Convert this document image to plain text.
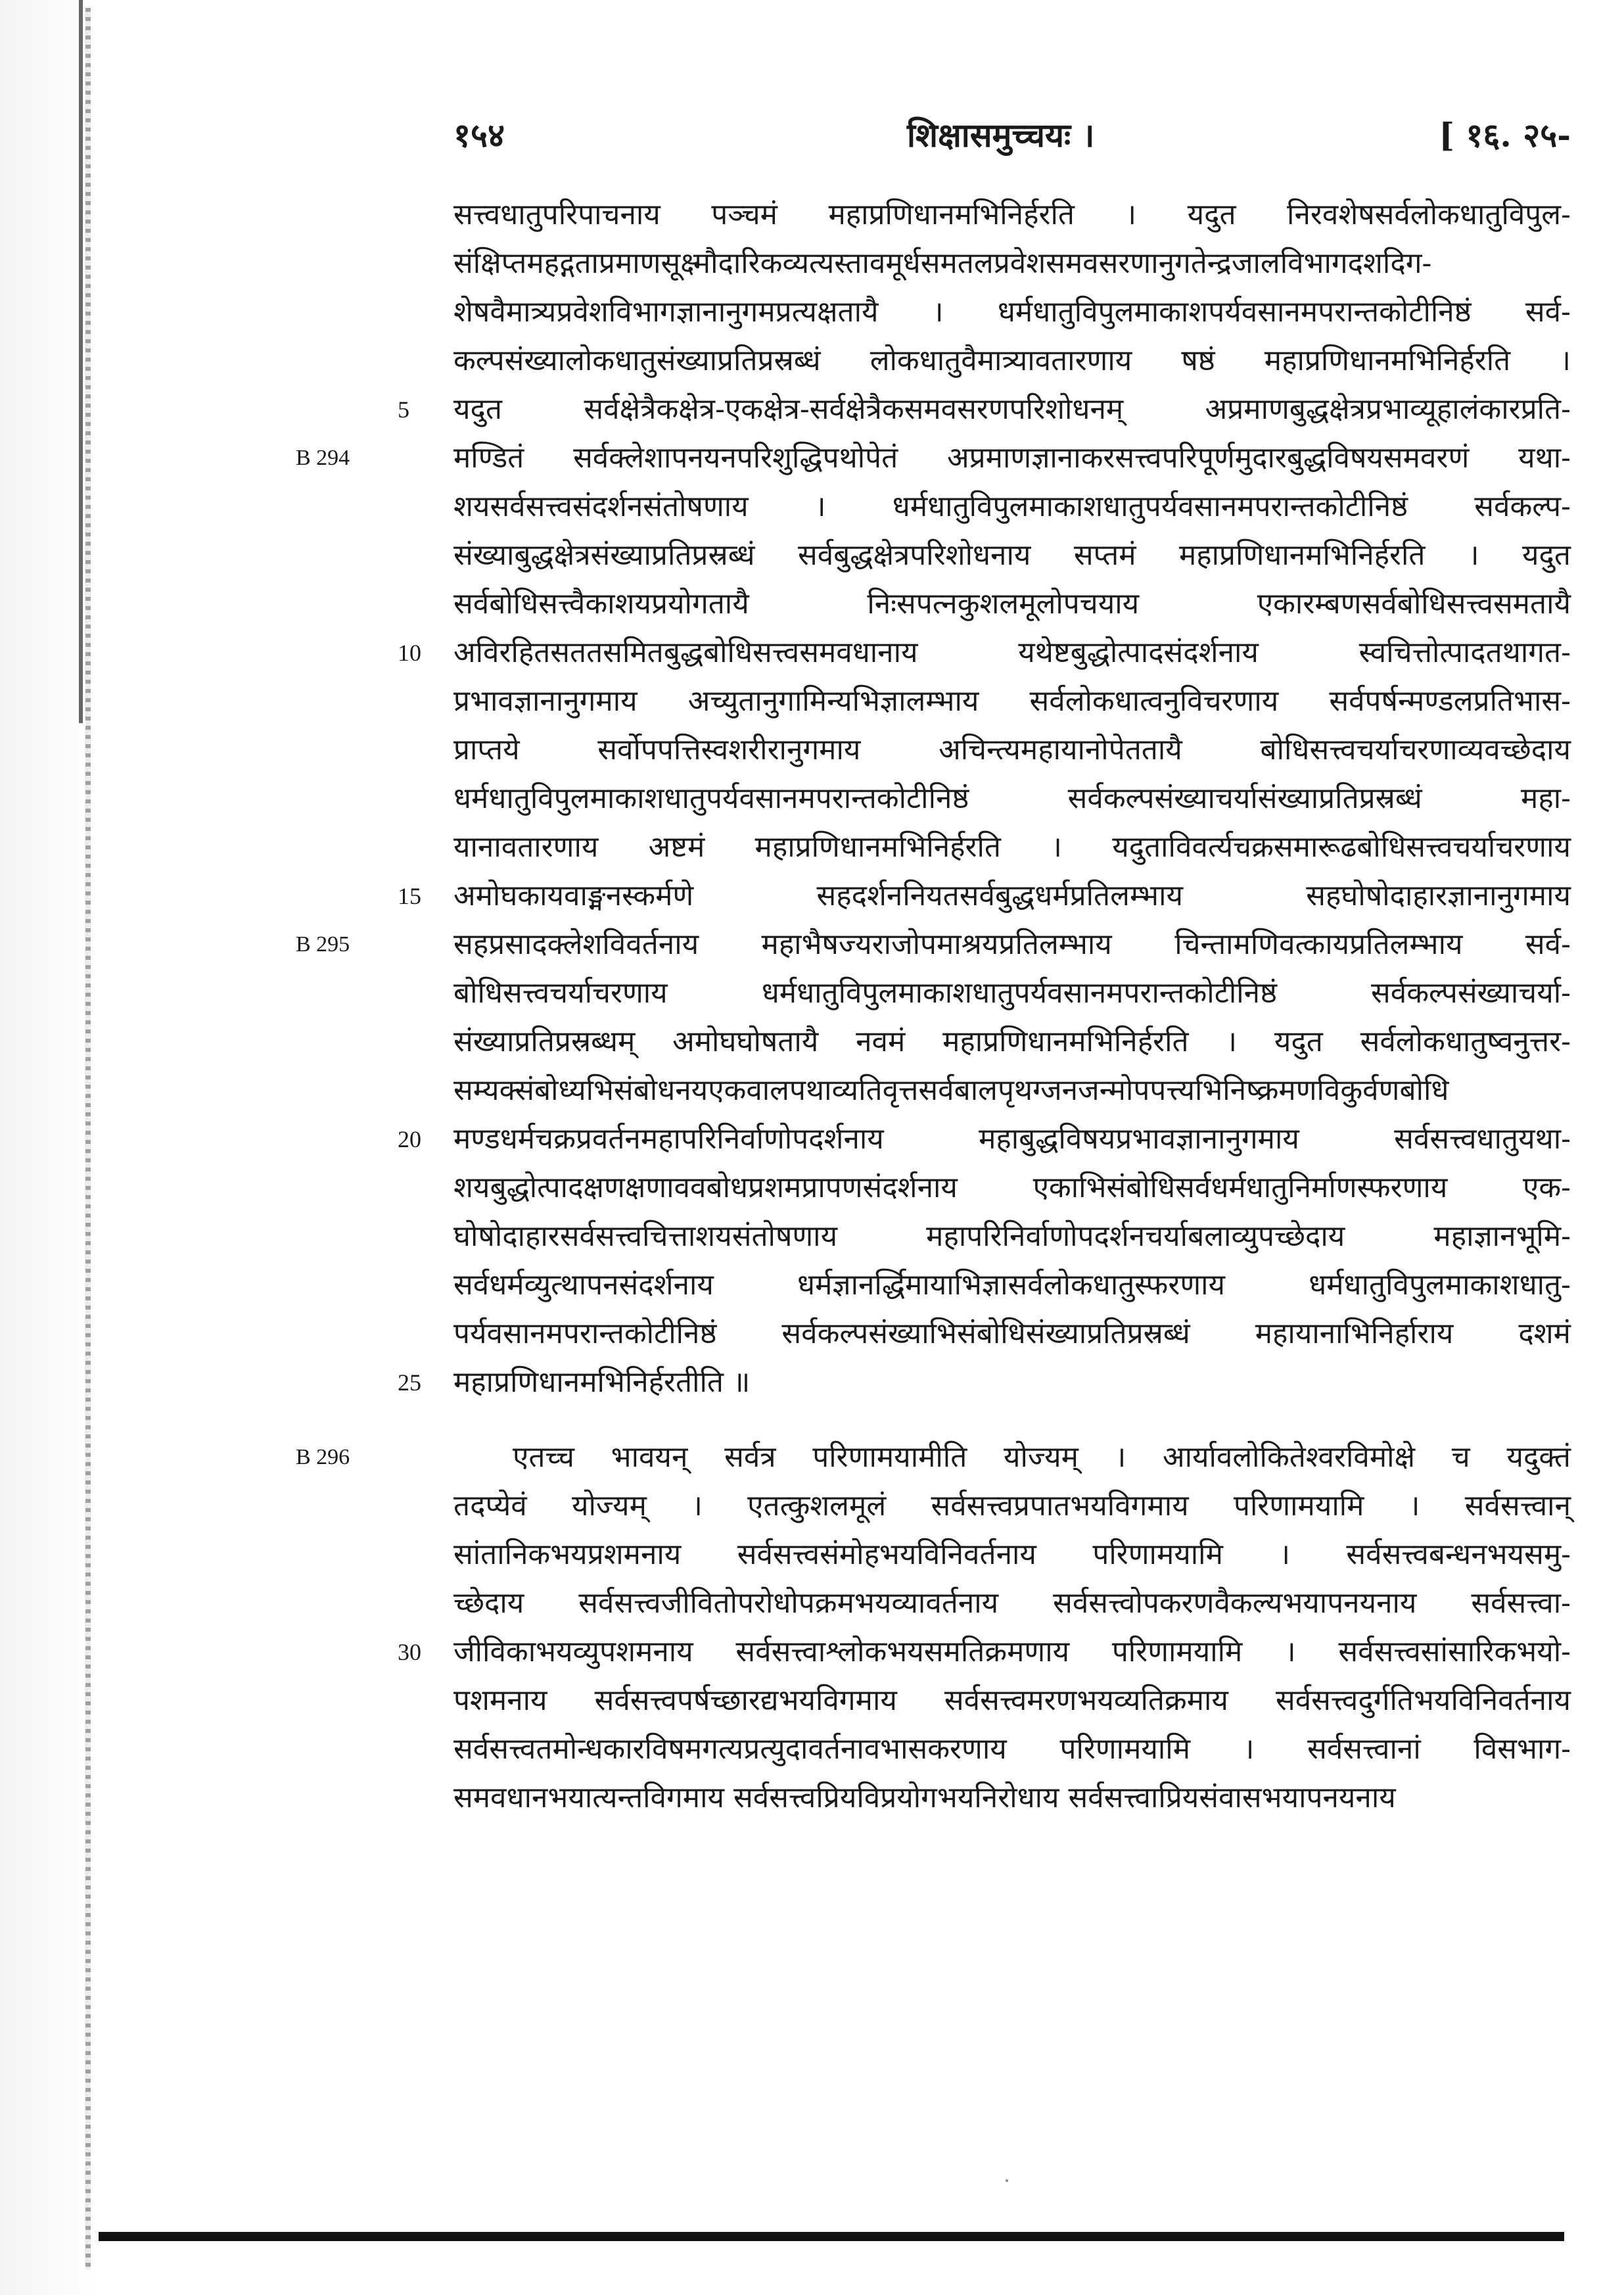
१५४	शिक्षासमुच्चयः ।	[ १६. २५-
सत्त्वधातुपरिपाचनाय पञ्चमं महाप्रणिधानमभिनिर्हरति । यदुत निरवशेषसर्वलोकधातुविपुल-
संक्षिप्तमहद्गताप्रमाणसूक्ष्मौदारिकव्यत्यस्तावमूर्धसमतलप्रवेशसमवसरणानुगतेन्द्रजालविभागदशदिग-
शेषवैमात्र्यप्रवेशविभागज्ञानानुगमप्रत्यक्षतायै । धर्मधातुविपुलमाकाशपर्यवसानमपरान्तकोटीनिष्ठं सर्व-
कल्पसंख्यालोकधातुसंख्याप्रतिप्रस्रब्धं लोकधातुवैमात्र्यावतारणाय षष्ठं महाप्रणिधानमभिनिर्हरति ।
5	यदुत सर्वक्षेत्रैकक्षेत्र-एकक्षेत्र-सर्वक्षेत्रैकसमवसरणपरिशोधनम् अप्रमाणबुद्धक्षेत्रप्रभाव्यूहालंकारप्रति-
B 294	मण्डितं सर्वक्लेशापनयनपरिशुद्धिपथोपेतं अप्रमाणज्ञानाकरसत्त्वपरिपूर्णमुदारबुद्धविषयसमवरणं यथा-
शयसर्वसत्त्वसंदर्शनसंतोषणाय । धर्मधातुविपुलमाकाशधातुपर्यवसानमपरान्तकोटीनिष्ठं सर्वकल्प-
संख्याबुद्धक्षेत्रसंख्याप्रतिप्रस्रब्धं सर्वबुद्धक्षेत्रपरिशोधनाय सप्तमं महाप्रणिधानमभिनिर्हरति । यदुत
सर्वबोधिसत्त्वैकाशयप्रयोगतायै निःसपत्नकुशलमूलोपचयाय एकारम्बणसर्वबोधिसत्त्वसमतायै
10	अविरहितसततसमितबुद्धबोधिसत्त्वसमवधानाय यथेष्टबुद्धोत्पादसंदर्शनाय स्वचित्तोत्पादतथागत-
प्रभावज्ञानानुगमाय अच्युतानुगामिन्यभिज्ञालम्भाय सर्वलोकधात्वनुविचरणाय सर्वपर्षन्मण्डलप्रतिभास-
प्राप्तये सर्वोपपत्तिस्वशरीरानुगमाय अचिन्त्यमहायानोपेततायै बोधिसत्त्वचर्याचरणाव्यवच्छेदाय
धर्मधातुविपुलमाकाशधातुपर्यवसानमपरान्तकोटीनिष्ठं सर्वकल्पसंख्याचर्यासंख्याप्रतिप्रस्रब्धं महा-
यानावतारणाय अष्टमं महाप्रणिधानमभिनिर्हरति । यदुताविवर्त्यचक्रसमारूढबोधिसत्त्वचर्याचरणाय
15	अमोघकायवाङ्मनस्कर्मणे सहदर्शननियतसर्वबुद्धधर्मप्रतिलम्भाय सहघोषोदाहारज्ञानानुगमाय
B 295	सहप्रसादक्लेशविवर्तनाय महाभैषज्यराजोपमाश्रयप्रतिलम्भाय चिन्तामणिवत्कायप्रतिलम्भाय सर्व-
बोधिसत्त्वचर्याचरणाय धर्मधातुविपुलमाकाशधातुपर्यवसानमपरान्तकोटीनिष्ठं सर्वकल्पसंख्याचर्या-
संख्याप्रतिप्रस्रब्धम् अमोघघोषतायै नवमं महाप्रणिधानमभिनिर्हरति । यदुत सर्वलोकधातुष्वनुत्तर-
सम्यक्संबोध्यभिसंबोधनयएकवालपथाव्यतिवृत्तसर्वबालपृथग्जनजन्मोपपत्त्यभिनिष्क्रमणविकुर्वणबोधि
20	मण्डधर्मचक्रप्रवर्तनमहापरिनिर्वाणोपदर्शनाय महाबुद्धविषयप्रभावज्ञानानुगमाय सर्वसत्त्वधातुयथा-
शयबुद्धोत्पादक्षणक्षणाववबोधप्रशमप्रापणसंदर्शनाय एकाभिसंबोधिसर्वधर्मधातुनिर्माणस्फरणाय एक-
घोषोदाहारसर्वसत्त्वचित्ताशयसंतोषणाय महापरिनिर्वाणोपदर्शनचर्याबलाव्युपच्छेदाय महाज्ञानभूमि-
सर्वधर्मव्युत्थापनसंदर्शनाय धर्मज्ञानर्द्धिमायाभिज्ञासर्वलोकधातुस्फरणाय धर्मधातुविपुलमाकाशधातु-
पर्यवसानमपरान्तकोटीनिष्ठं सर्वकल्पसंख्याभिसंबोधिसंख्याप्रतिप्रस्रब्धं महायानाभिनिर्हाराय दशमं
25	महाप्रणिधानमभिनिर्हरतीति ॥
B 296	एतच्च भावयन् सर्वत्र परिणामयामीति योज्यम् । आर्यावलोकितेश्वरविमोक्षे च यदुक्तं
तदप्येवं योज्यम् । एतत्कुशलमूलं सर्वसत्त्वप्रपातभयविगमाय परिणामयामि । सर्वसत्त्वान्
सांतानिकभयप्रशमनाय सर्वसत्त्वसंमोहभयविनिवर्तनाय परिणामयामि । सर्वसत्त्वबन्धनभयसमु-
च्छेदाय सर्वसत्त्वजीवितोपरोधोपक्रमभयव्यावर्तनाय सर्वसत्त्वोपकरणवैकल्यभयापनयनाय सर्वसत्त्वा-
30	जीविकाभयव्युपशमनाय सर्वसत्त्वाश्लोकभयसमतिक्रमणाय परिणामयामि । सर्वसत्त्वसांसारिकभयो-
पशमनाय सर्वसत्त्वपर्षच्छारद्यभयविगमाय सर्वसत्त्वमरणभयव्यतिक्रमाय सर्वसत्त्वदुर्गतिभयविनिवर्तनाय
सर्वसत्त्वतमोन्धकारविषमगत्यप्रत्युदावर्तनावभासकरणाय परिणामयामि । सर्वसत्त्वानां विसभाग-
समवधानभयात्यन्तविगमाय सर्वसत्त्वप्रियविप्रयोगभयनिरोधाय सर्वसत्त्वाप्रियसंवासभयापनयनाय
